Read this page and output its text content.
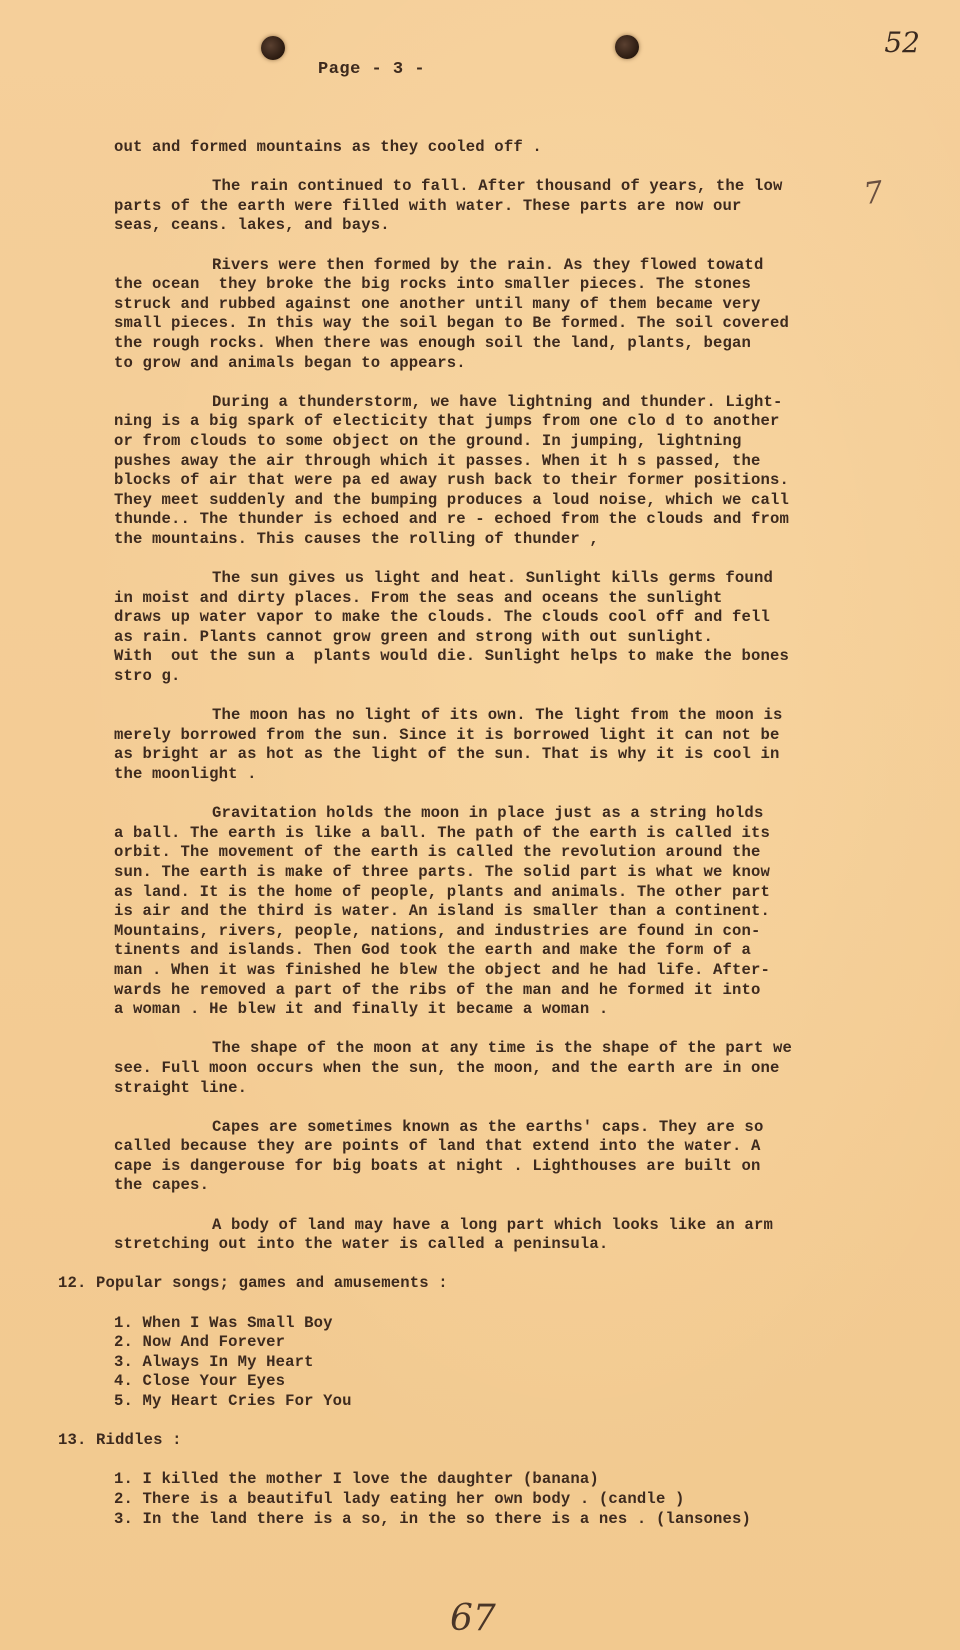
52
Page - 3 -
7
out and formed mountains as they cooled off .
The rain continued to fall. After thousand of years, the low
parts of the earth were filled with water. These parts are now our
seas, ceans. lakes, and bays.
Rivers were then formed by the rain. As they flowed towatd
the ocean  they broke the big rocks into smaller pieces. The stones
struck and rubbed against one another until many of them became very
small pieces. In this way the soil began to Be formed. The soil covered
the rough rocks. When there was enough soil the land, plants, began
to grow and animals began to appears.
During a thunderstorm, we have lightning and thunder. Light-
ning is a big spark of electicity that jumps from one clo d to another
or from clouds to some object on the ground. In jumping, lightning
pushes away the air through which it passes. When it h s passed, the
blocks of air that were pa ed away rush back to their former positions.
They meet suddenly and the bumping produces a loud noise, which we call
thunde.. The thunder is echoed and re - echoed from the clouds and from
the mountains. This causes the rolling of thunder ,
The sun gives us light and heat. Sunlight kills germs found
in moist and dirty places. From the seas and oceans the sunlight
draws up water vapor to make the clouds. The clouds cool off and fell
as rain. Plants cannot grow green and strong with out sunlight.
With  out the sun a  plants would die. Sunlight helps to make the bones
stro g.
The moon has no light of its own. The light from the moon is
merely borrowed from the sun. Since it is borrowed light it can not be
as bright ar as hot as the light of the sun. That is why it is cool in
the moonlight .
Gravitation holds the moon in place just as a string holds
a ball. The earth is like a ball. The path of the earth is called its
orbit. The movement of the earth is called the revolution around the
sun. The earth is make of three parts. The solid part is what we know
as land. It is the home of people, plants and animals. The other part
is air and the third is water. An island is smaller than a continent.
Mountains, rivers, people, nations, and industries are found in con-
tinents and islands. Then God took the earth and make the form of a
man . When it was finished he blew the object and he had life. After-
wards he removed a part of the ribs of the man and he formed it into
a woman . He blew it and finally it became a woman .
The shape of the moon at any time is the shape of the part we
see. Full moon occurs when the sun, the moon, and the earth are in one
straight line.
Capes are sometimes known as the earths' caps. They are so
called because they are points of land that extend into the water. A
cape is dangerouse for big boats at night . Lighthouses are built on
the capes.
A body of land may have a long part which looks like an arm
stretching out into the water is called a peninsula.
12. Popular songs; games and amusements :
1. When I Was Small Boy
2. Now And Forever
3. Always In My Heart
4. Close Your Eyes
5. My Heart Cries For You
13. Riddles :
1. I killed the mother I love the daughter (banana)
2. There is a beautiful lady eating her own body . (candle )
3. In the land there is a so, in the so there is a nes . (lansones)
67
